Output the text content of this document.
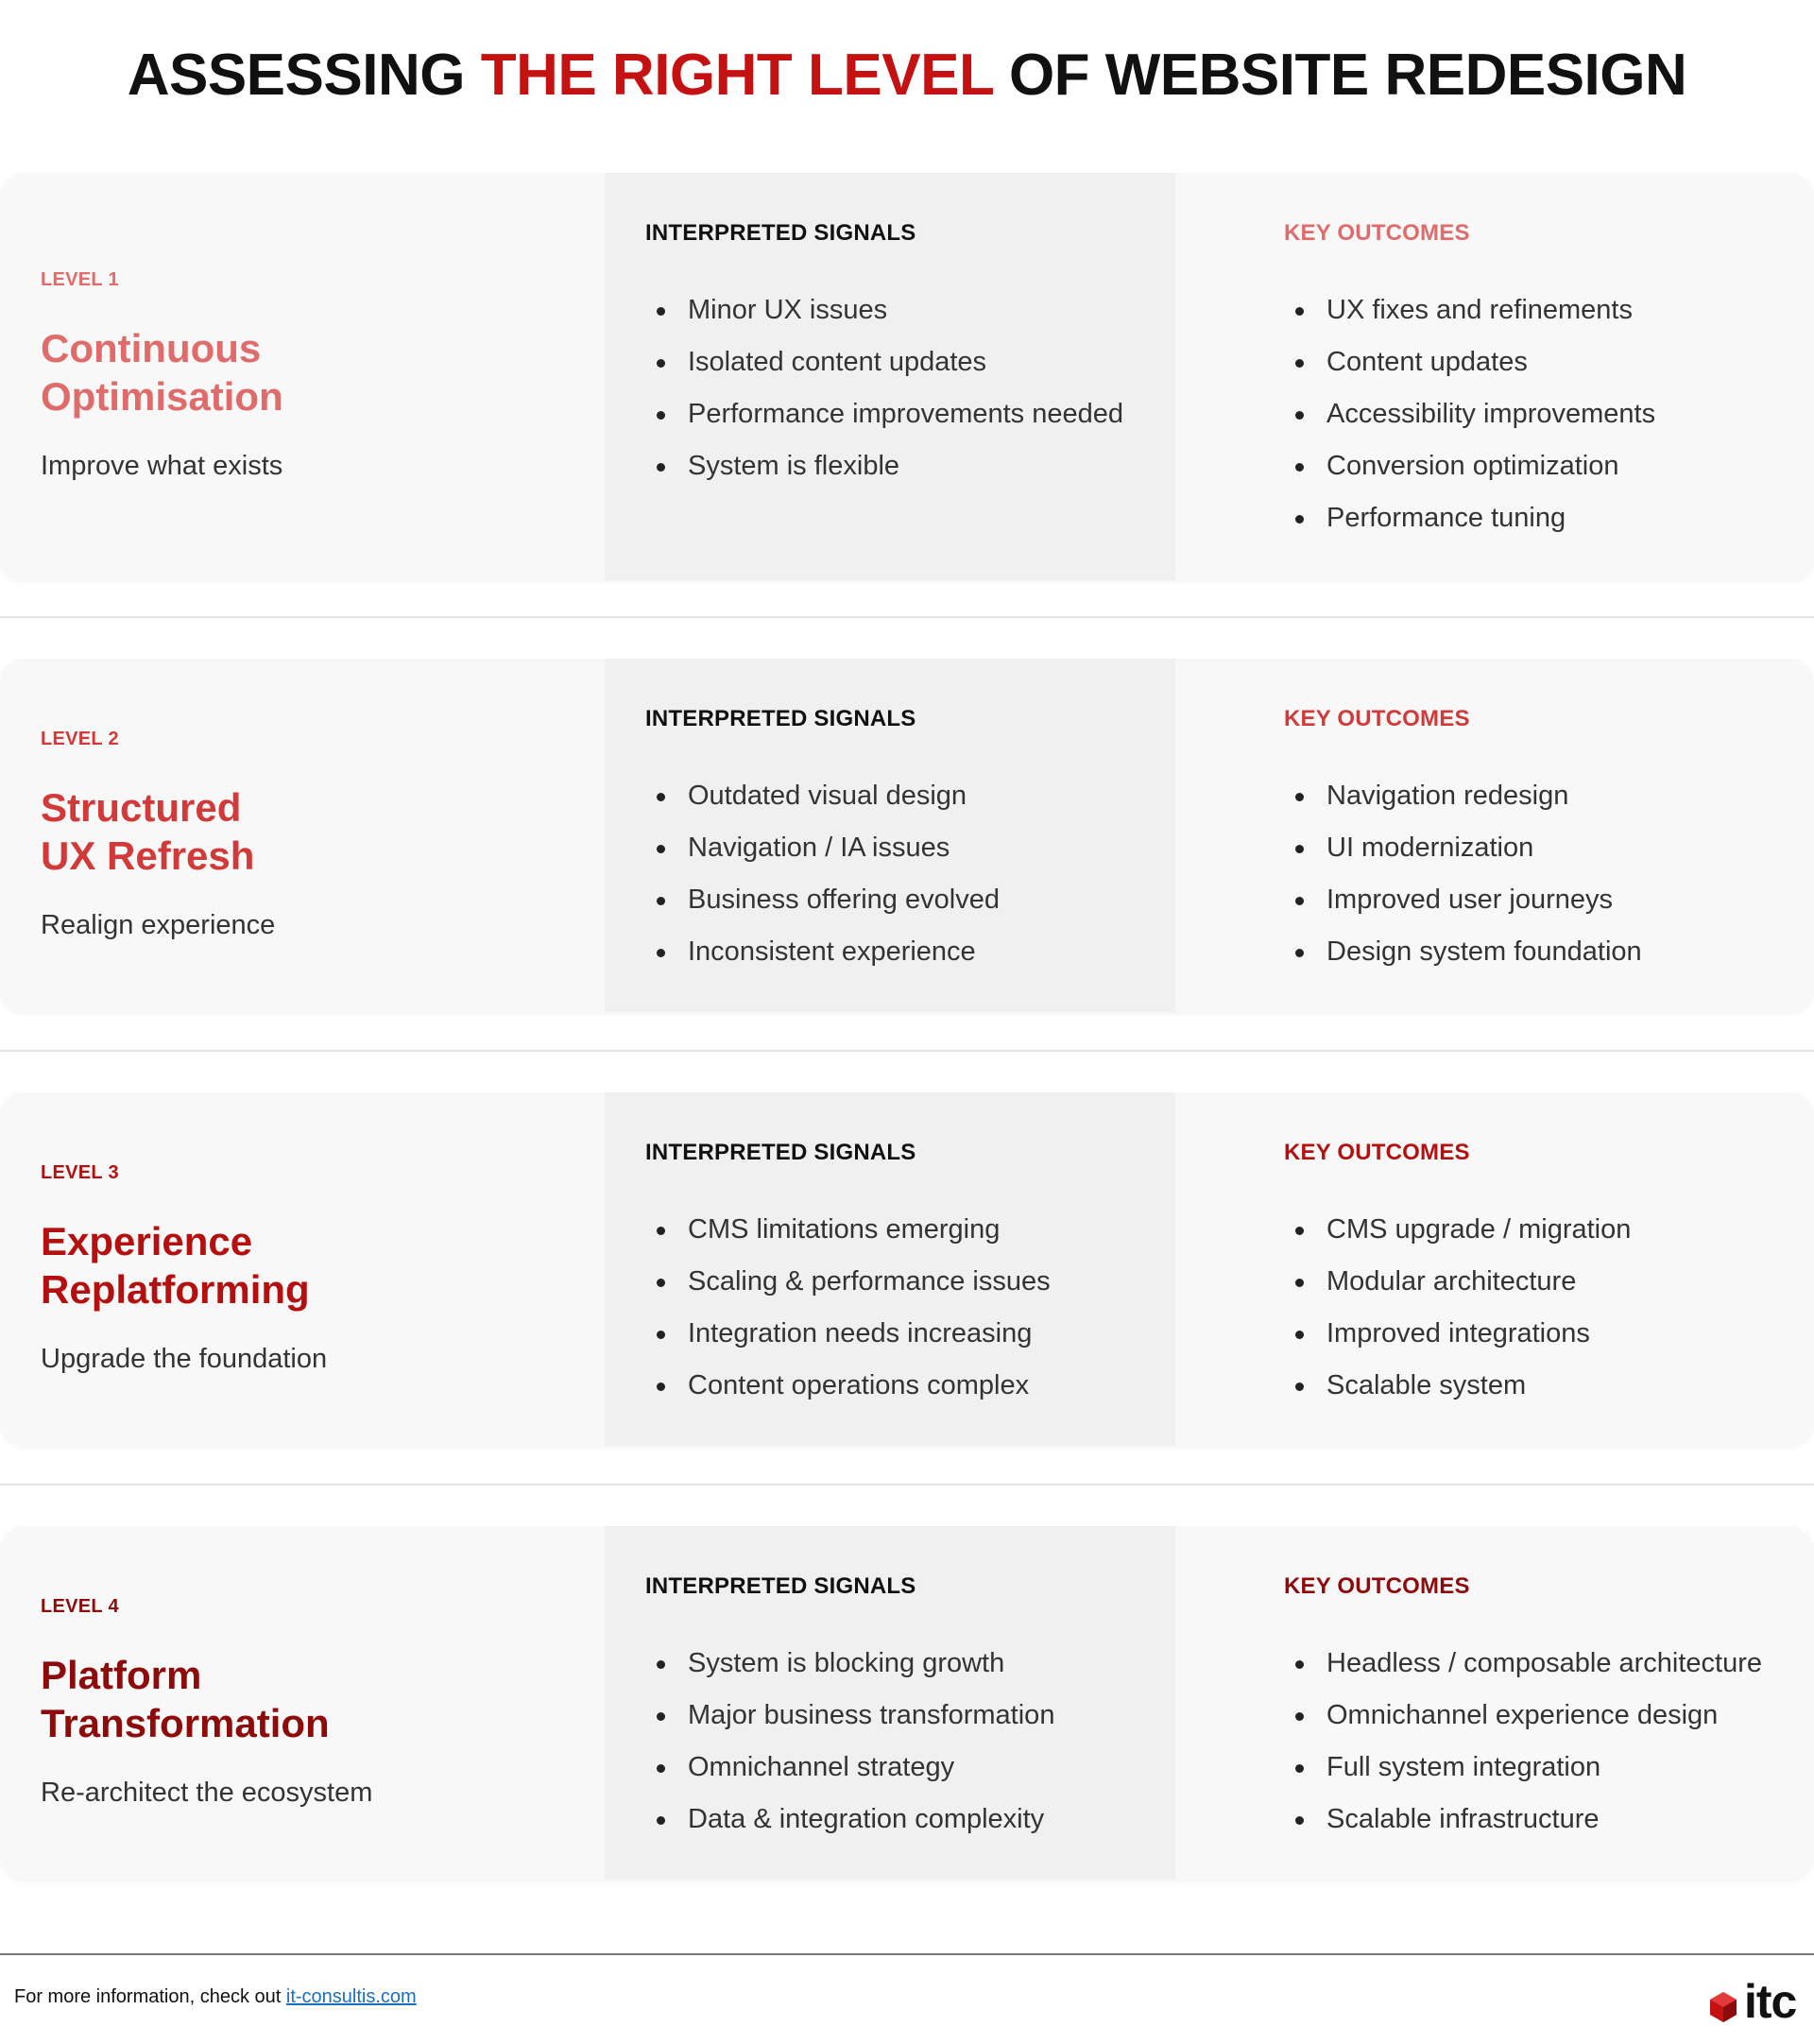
ASSESSING THE RIGHT LEVEL OF WEBSITE REDESIGN
LEVEL 1
Continuous
Optimisation
Improve what exists
INTERPRETED SIGNALS
Minor UX issues
Isolated content updates
Performance improvements needed
System is flexible
KEY OUTCOMES
UX fixes and refinements
Content updates
Accessibility improvements
Conversion optimization
Performance tuning
LEVEL 2
Structured
UX Refresh
Realign experience
INTERPRETED SIGNALS
Outdated visual design
Navigation / IA issues
Business offering evolved
Inconsistent experience
KEY OUTCOMES
Navigation redesign
UI modernization
Improved user journeys
Design system foundation
LEVEL 3
Experience
Replatforming
Upgrade the foundation
INTERPRETED SIGNALS
CMS limitations emerging
Scaling & performance issues
Integration needs increasing
Content operations complex
KEY OUTCOMES
CMS upgrade / migration
Modular architecture
Improved integrations
Scalable system
LEVEL 4
Platform
Transformation
Re-architect the ecosystem
INTERPRETED SIGNALS
System is blocking growth
Major business transformation
Omnichannel strategy
Data & integration complexity
KEY OUTCOMES
Headless / composable architecture
Omnichannel experience design
Full system integration
Scalable infrastructure
For more information, check out it-consultis.com	itc
